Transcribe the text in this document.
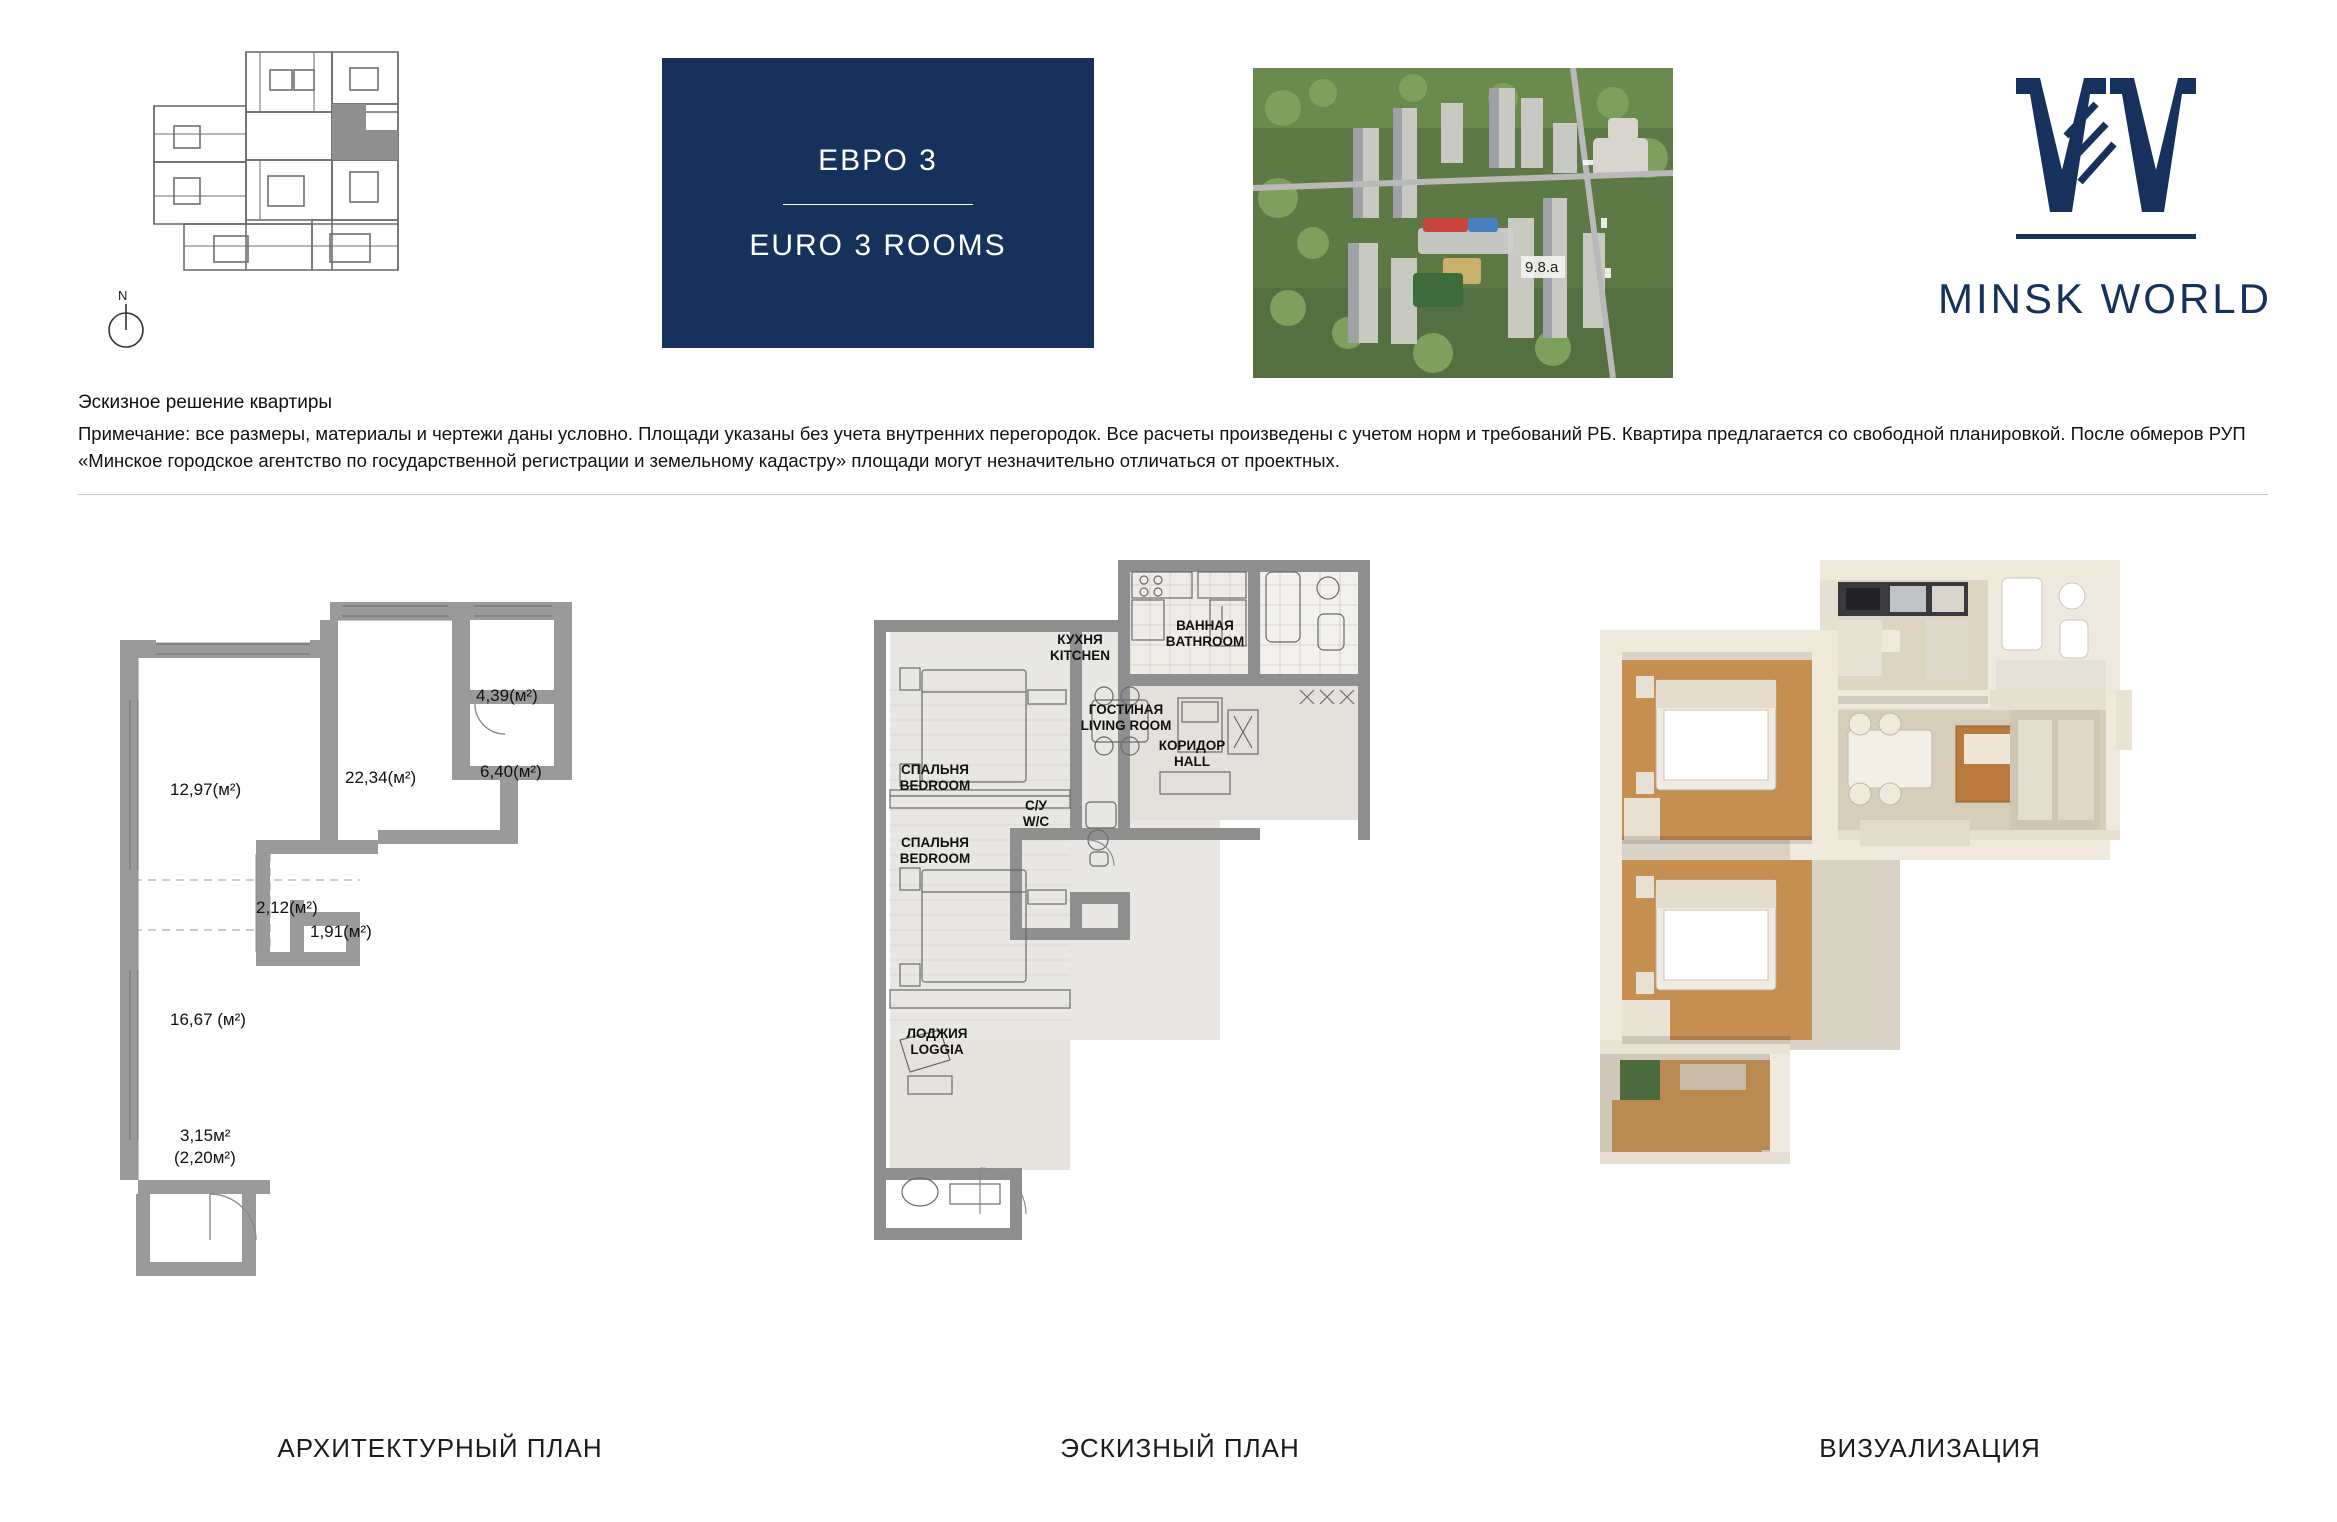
N
ЕВРО 3
EURO 3 ROOMS
9.8.а
MINSK WORLD
Эскизное решение квартиры
Примечание: все размеры, материалы и чертежи даны условно. Площади указаны без учета внутренних перегородок. Все расчеты произведены с учетом норм и требований РБ. Квартира предлагается со свободной планировкой. После обмеров РУП «Минское городское агентство по государственной регистрации и земельному кадастру» площади могут незначительно отличаться от проектных.
12,97(м²)
22,34(м²)
4,39(м²)
6,40(м²)
2,12(м²)
1,91(м²)
16,67 (м²)
3,15м²
(2,20м²)
АРХИТЕКТУРНЫЙ ПЛАН
КУХНЯ
KITCHEN
ВАННАЯ
BATHROOM
ГОСТИНАЯ
LIVING ROOM
КОРИДОР
HALL
СПАЛЬНЯ
BEDROOM
С/У
W/C
СПАЛЬНЯ
BEDROOM
ЛОДЖИЯ
LOGGIA
ЭСКИЗНЫЙ ПЛАН	ВИЗУАЛИЗАЦИЯ
